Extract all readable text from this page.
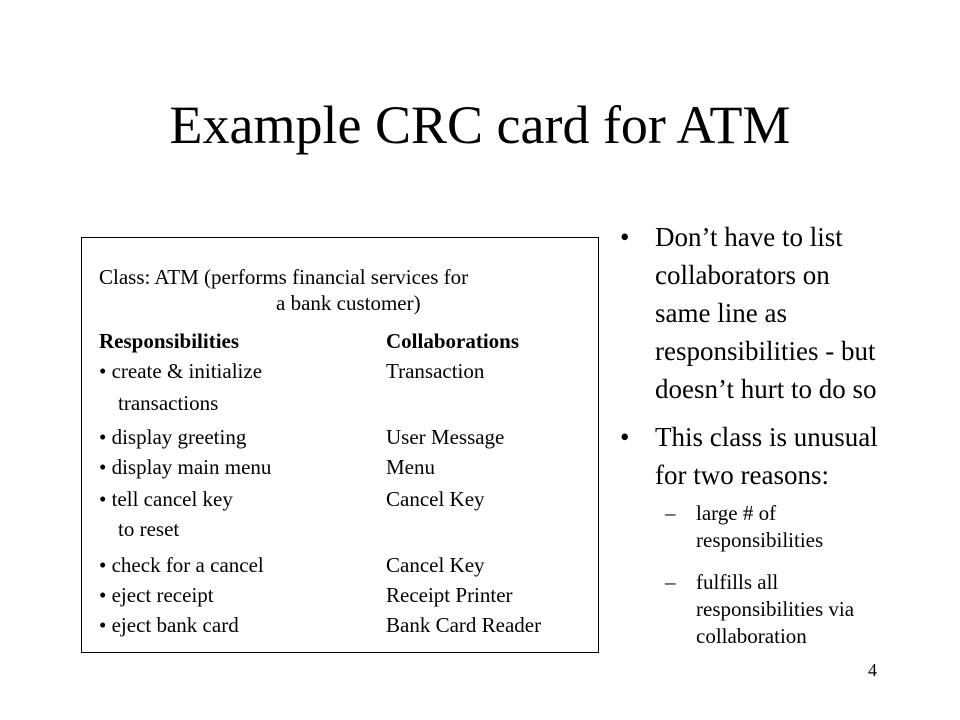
Example CRC card for ATM
Class: ATM (performs financial services for
a bank customer)
Responsibilities	Collaborations
• create & initialize	Transaction
transactions
• display greeting	User Message
• display main menu	Menu
• tell cancel key	Cancel Key
to reset
• check for a cancel	Cancel Key
• eject receipt	Receipt Printer
• eject bank card	Bank Card Reader
• Don’t have to list
collaborators on
same line as
responsibilities - but
doesn’t hurt to do so
• This class is unusual
for two reasons:
– large # of
responsibilities
– fulfills all
responsibilities via
collaboration
4
